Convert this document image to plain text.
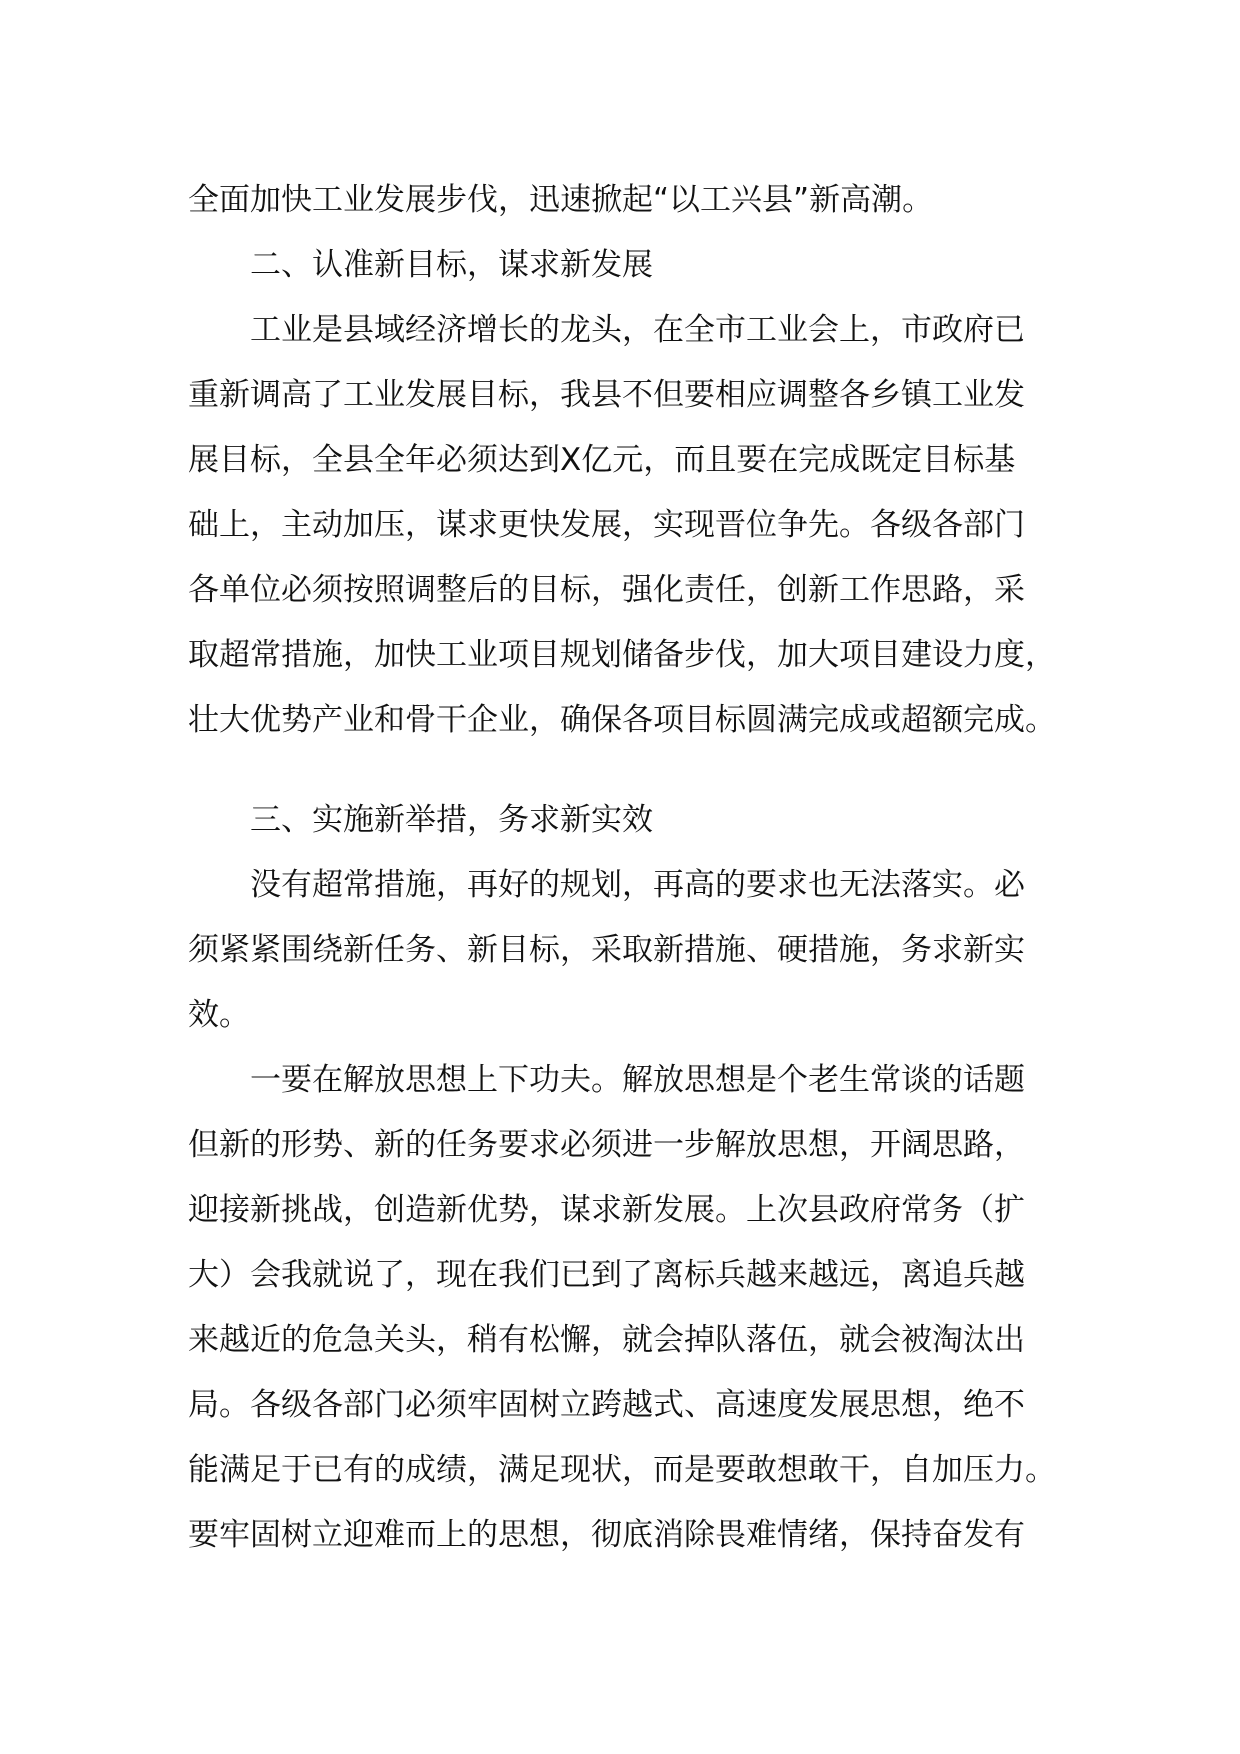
全面加快工业发展步伐，迅速掀起“以工兴县”新高潮。
二、认准新目标，谋求新发展
工业是县域经济增长的龙头，在全市工业会上，市政府已
重新调高了工业发展目标，我县不但要相应调整各乡镇工业发
展目标，全县全年必须达到X亿元，而且要在完成既定目标基
础上，主动加压，谋求更快发展，实现晋位争先。各级各部门
各单位必须按照调整后的目标，强化责任，创新工作思路，采
取超常措施，加快工业项目规划储备步伐，加大项目建设力度，
壮大优势产业和骨干企业，确保各项目标圆满完成或超额完成。
三、实施新举措，务求新实效
没有超常措施，再好的规划，再高的要求也无法落实。必
须紧紧围绕新任务、新目标，采取新措施、硬措施，务求新实
效。
一要在解放思想上下功夫。解放思想是个老生常谈的话题
但新的形势、新的任务要求必须进一步解放思想，开阔思路，
迎接新挑战，创造新优势，谋求新发展。上次县政府常务（扩
大）会我就说了，现在我们已到了离标兵越来越远，离追兵越
来越近的危急关头，稍有松懈，就会掉队落伍，就会被淘汰出
局。各级各部门必须牢固树立跨越式、高速度发展思想，绝不
能满足于已有的成绩，满足现状，而是要敢想敢干，自加压力。
要牢固树立迎难而上的思想，彻底消除畏难情绪，保持奋发有
